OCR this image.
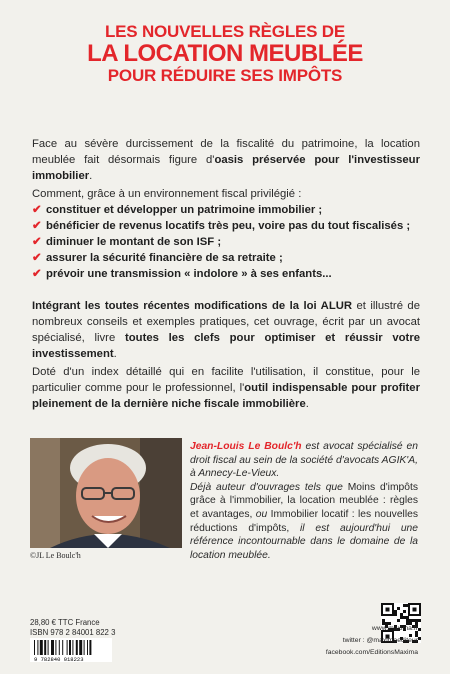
LES NOUVELLES RÈGLES DE
LA LOCATION MEUBLÉE
POUR RÉDUIRE SES IMPÔTS
Face au sévère durcissement de la fiscalité du patrimoine, la location meublée fait désormais figure d'oasis préservée pour l'investisseur immobilier.
Comment, grâce à un environnement fiscal privilégié :
✔ constituer et développer un patrimoine immobilier ;
✔ bénéficier de revenus locatifs très peu, voire pas du tout fiscalisés ;
✔ diminuer le montant de son ISF ;
✔ assurer la sécurité financière de sa retraite ;
✔ prévoir une transmission « indolore » à ses enfants...
Intégrant les toutes récentes modifications de la loi ALUR et illustré de nombreux conseils et exemples pratiques, cet ouvrage, écrit par un avocat spécialisé, livre toutes les clefs pour optimiser et réussir votre investissement.
Doté d'un index détaillé qui en facilite l'utilisation, il constitue, pour le particulier comme pour le professionnel, l'outil indispensable pour profiter pleinement de la dernière niche fiscale immobilière.
©JL Le Boulc'h
Jean-Louis Le Boulc'h est avocat spécialisé en droit fiscal au sein de la société d'avocats AGIK'A, à Annecy-Le-Vieux.
Déjà auteur d'ouvrages tels que Moins d'impôts grâce à l'immobilier, la location meublée : règles et avantages, ou Immobilier locatif : les nouvelles réductions d'impôts, il est aujourd'hui une référence incontournable dans le domaine de la location meublée.
28,80 € TTC France
ISBN 978 2 84001 822 3
9 782840 018223
www.maxima.fr
twitter : @maximaediteur
facebook.com/EditionsMaxima
